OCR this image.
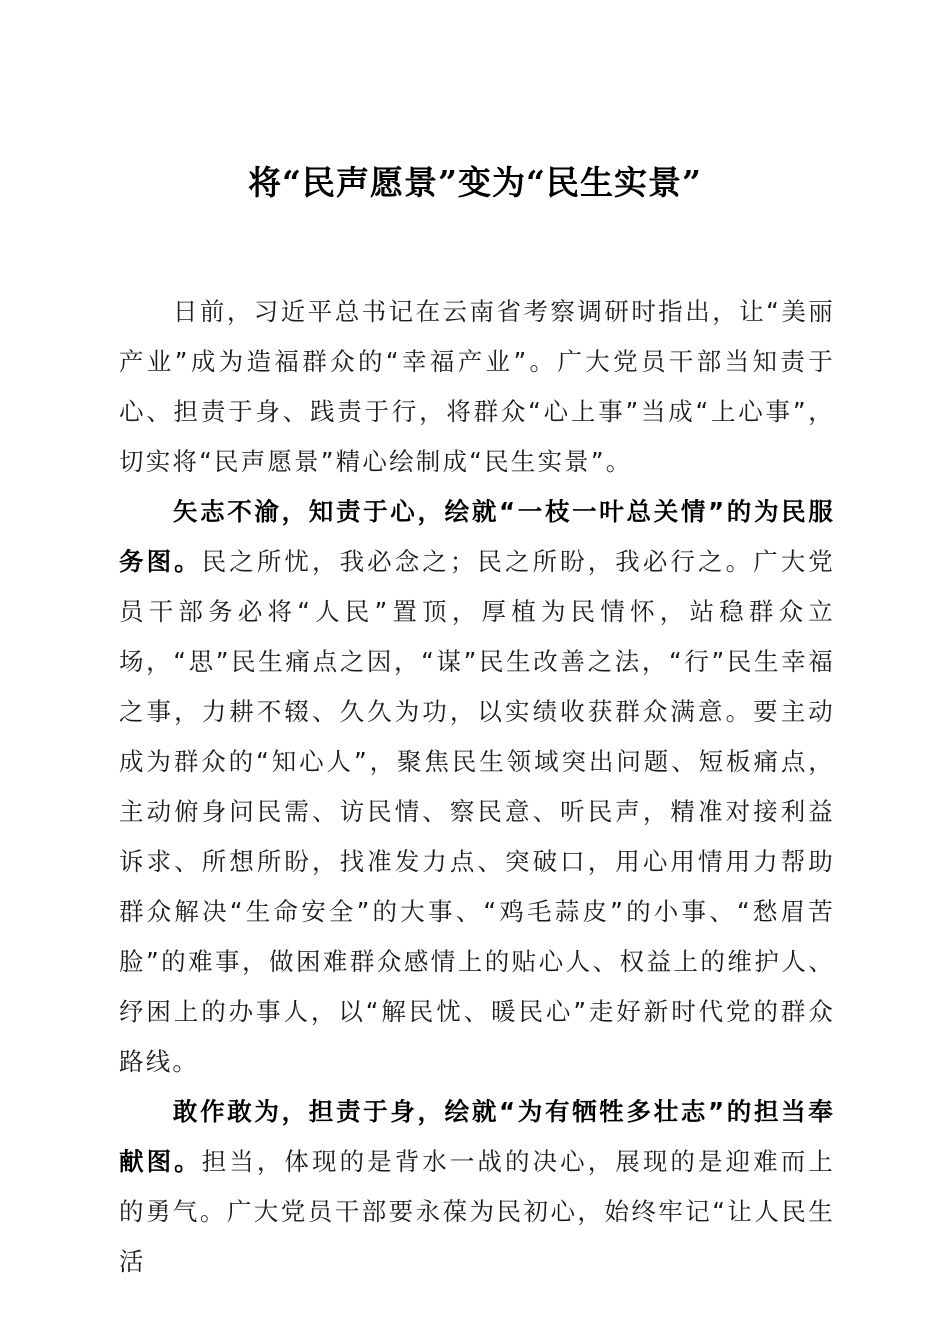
将“民声愿景”变为“民生实景”

日前，习近平总书记在云南省考察调研时指出，让“美丽产业”成为造福群众的“幸福产业”。广大党员干部当知责于心、担责于身、践责于行，将群众“心上事”当成“上心事”，切实将“民声愿景”精心绘制成“民生实景”。

矢志不渝，知责于心，绘就“一枝一叶总关情”的为民服务图。民之所忧，我必念之；民之所盼，我必行之。广大党员干部务必将“人民”置顶，厚植为民情怀，站稳群众立场，“思”民生痛点之因，“谋”民生改善之法，“行”民生幸福之事，力耕不辍、久久为功，以实绩收获群众满意。要主动成为群众的“知心人”，聚焦民生领域突出问题、短板痛点，主动俯身问民需、访民情、察民意、听民声，精准对接利益诉求、所想所盼，找准发力点、突破口，用心用情用力帮助群众解决“生命安全”的大事、“鸡毛蒜皮”的小事、“愁眉苦脸”的难事，做困难群众感情上的贴心人、权益上的维护人、纾困上的办事人，以“解民忧、暖民心”走好新时代党的群众路线。

敢作敢为，担责于身，绘就“为有牺牲多壮志”的担当奉献图。担当，体现的是背水一战的决心，展现的是迎难而上的勇气。广大党员干部要永葆为民初心，始终牢记“让人民生活
